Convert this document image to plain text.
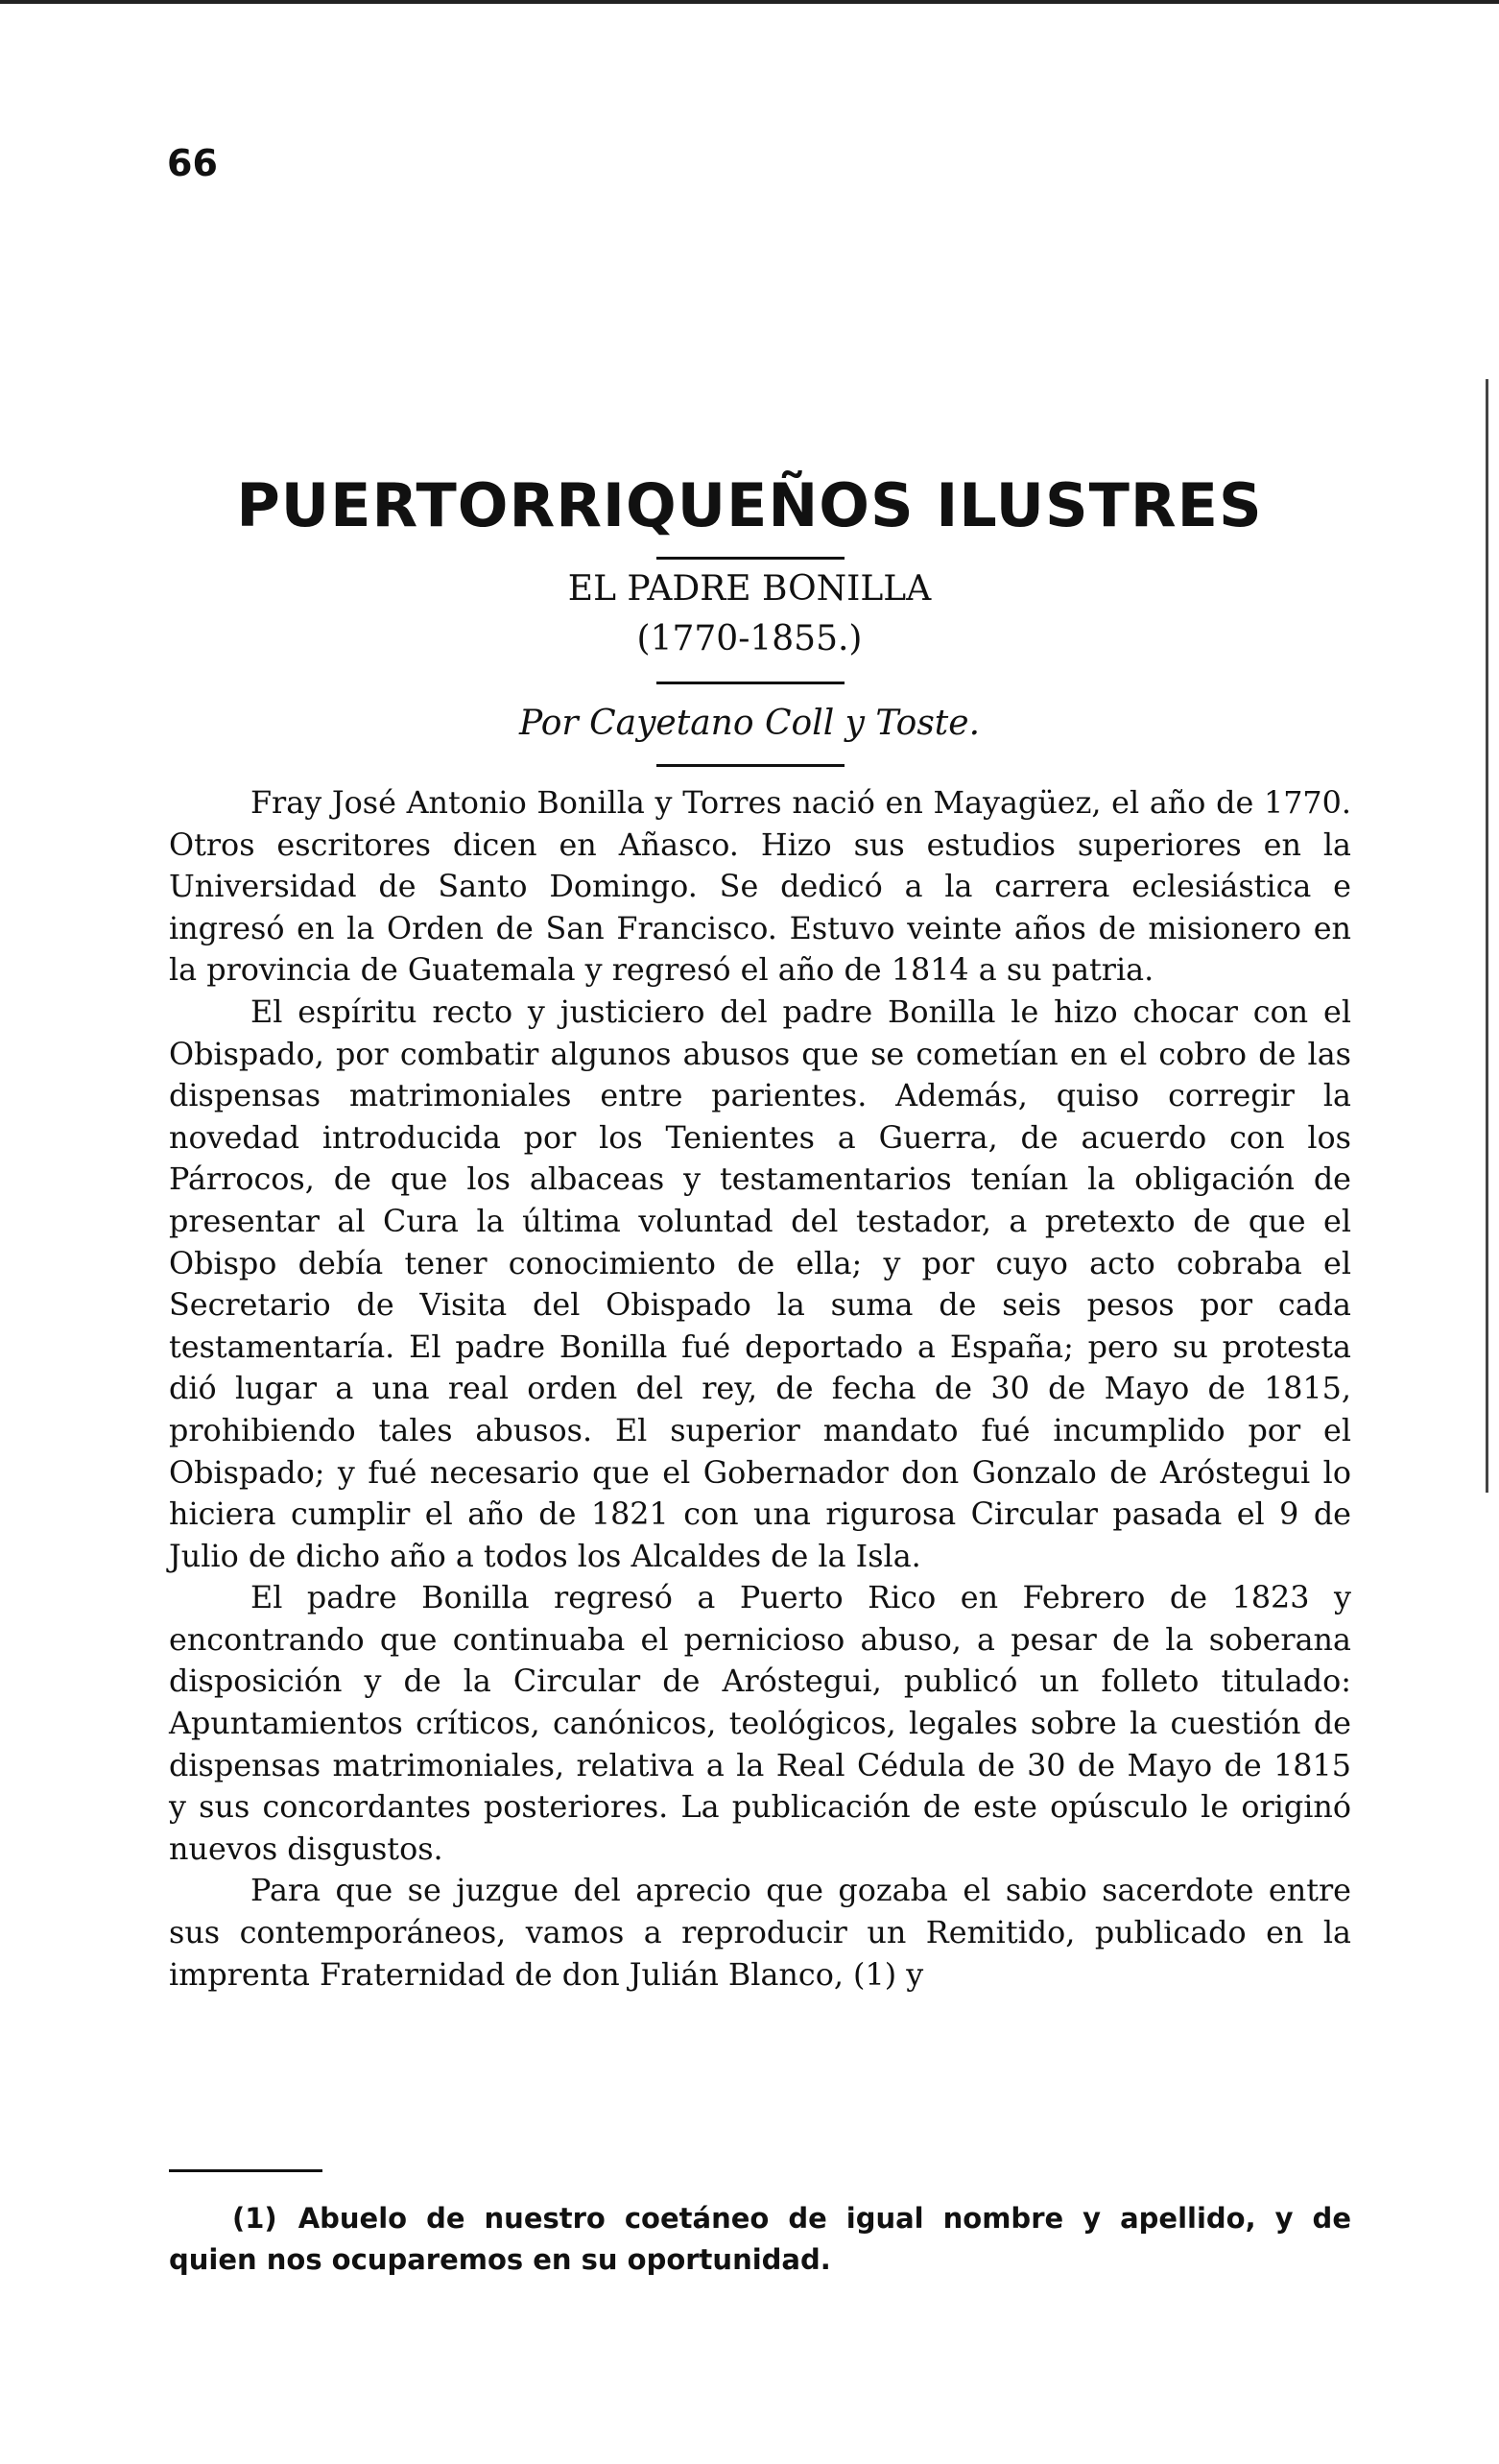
66
PUERTORRIQUEÑOS ILUSTRES
EL PADRE BONILLA
(1770-1855.)
Por Cayetano Coll y Toste.

Fray José Antonio Bonilla y Torres nació en Mayagüez, el año de 1770. Otros escritores dicen en Añasco. Hizo sus estudios superiores en la Universidad de Santo Domingo. Se dedicó a la carrera eclesiástica e ingresó en la Orden de San Francisco. Estuvo veinte años de misionero en la provincia de Guatemala y regresó el año de 1814 a su patria.

El espíritu recto y justiciero del padre Bonilla le hizo chocar con el Obispado, por combatir algunos abusos que se cometían en el cobro de las dispensas matrimoniales entre parientes. Además, quiso corregir la novedad introducida por los Tenientes a Guerra, de acuerdo con los Párrocos, de que los albaceas y testamentarios tenían la obligación de presentar al Cura la última voluntad del testador, a pretexto de que el Obispo debía tener conocimiento de ella; y por cuyo acto cobraba el Secretario de Visita del Obispado la suma de seis pesos por cada testamentaría. El padre Bonilla fué deportado a España; pero su protesta dió lugar a una real orden del rey, de fecha de 30 de Mayo de 1815, prohibiendo tales abusos. El superior mandato fué incumplido por el Obispado; y fué necesario que el Gobernador don Gonzalo de Aróstegui lo hiciera cumplir el año de 1821 con una rigurosa Circular pasada el 9 de Julio de dicho año a todos los Alcaldes de la Isla.

El padre Bonilla regresó a Puerto Rico en Febrero de 1823 y encontrando que continuaba el pernicioso abuso, a pesar de la soberana disposición y de la Circular de Aróstegui, publicó un folleto titulado: Apuntamientos críticos, canónicos, teológicos, legales sobre la cuestión de dispensas matrimoniales, relativa a la Real Cédula de 30 de Mayo de 1815 y sus concordantes posteriores. La publicación de este opúsculo le originó nuevos disgustos.

Para que se juzgue del aprecio que gozaba el sabio sacerdote entre sus contemporáneos, vamos a reproducir un Remitido, publicado en la imprenta Fraternidad de don Julián Blanco, (1) y

(1) Abuelo de nuestro coetáneo de igual nombre y apellido, y de quien nos ocuparemos en su oportunidad.
